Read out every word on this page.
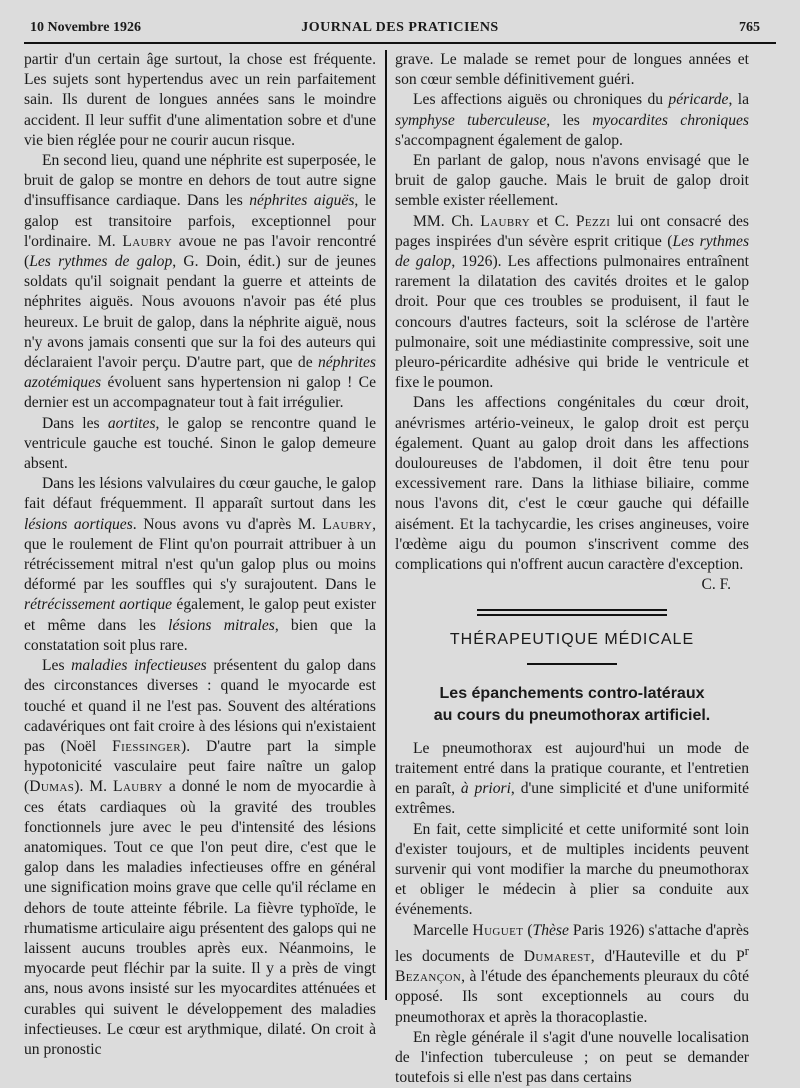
10 Novembre 1926	JOURNAL DES PRATICIENS	765

partir d'un certain âge surtout, la chose est fréquente. Les sujets sont hypertendus avec un rein parfaitement sain. Ils durent de longues années sans le moindre accident. Il leur suffit d'une alimentation sobre et d'une vie bien réglée pour ne courir aucun risque.

En second lieu, quand une néphrite est superposée, le bruit de galop se montre en dehors de tout autre signe d'insuffisance cardiaque. Dans les néphrites aiguës, le galop est transitoire parfois, exceptionnel pour l'ordinaire. M. Laubry avoue ne pas l'avoir rencontré (Les rythmes de galop, G. Doin, édit.) sur de jeunes soldats qu'il soignait pendant la guerre et atteints de néphrites aiguës. Nous avouons n'avoir pas été plus heureux. Le bruit de galop, dans la néphrite aiguë, nous n'y avons jamais consenti que sur la foi des auteurs qui déclaraient l'avoir perçu. D'autre part, que de néphrites azotémiques évoluent sans hypertension ni galop ! Ce dernier est un accompagnateur tout à fait irrégulier.

Dans les aortites, le galop se rencontre quand le ventricule gauche est touché. Sinon le galop demeure absent.

Dans les lésions valvulaires du cœur gauche, le galop fait défaut fréquemment. Il apparaît surtout dans les lésions aortiques. Nous avons vu d'après M. Laubry, que le roulement de Flint qu'on pourrait attribuer à un rétrécissement mitral n'est qu'un galop plus ou moins déformé par les souffles qui s'y surajoutent. Dans le rétrécissement aortique également, le galop peut exister et même dans les lésions mitrales, bien que la constatation soit plus rare.

Les maladies infectieuses présentent du galop dans des circonstances diverses : quand le myocarde est touché et quand il ne l'est pas. Souvent des altérations cadavériques ont fait croire à des lésions qui n'existaient pas (Noël Fiessinger). D'autre part la simple hypotonicité vasculaire peut faire naître un galop (Dumas). M. Laubry a donné le nom de myocardie à ces états cardiaques où la gravité des troubles fonctionnels jure avec le peu d'intensité des lésions anatomiques. Tout ce que l'on peut dire, c'est que le galop dans les maladies infectieuses offre en général une signification moins grave que celle qu'il réclame en dehors de toute atteinte fébrile. La fièvre typhoïde, le rhumatisme articulaire aigu présentent des galops qui ne laissent aucuns troubles après eux. Néanmoins, le myocarde peut fléchir par la suite. Il y a près de vingt ans, nous avons insisté sur les myocardites atténuées et curables qui suivent le développement des maladies infectieuses. Le cœur est arythmique, dilaté. On croit à un pronostic

grave. Le malade se remet pour de longues années et son cœur semble définitivement guéri.

Les affections aiguës ou chroniques du péricarde, la symphyse tuberculeuse, les myocardites chroniques s'accompagnent également de galop.

En parlant de galop, nous n'avons envisagé que le bruit de galop gauche. Mais le bruit de galop droit semble exister réellement.

MM. Ch. Laubry et C. Pezzi lui ont consacré des pages inspirées d'un sévère esprit critique (Les rythmes de galop, 1926). Les affections pulmonaires entraînent rarement la dilatation des cavités droites et le galop droit. Pour que ces troubles se produisent, il faut le concours d'autres facteurs, soit la sclérose de l'artère pulmonaire, soit une médiastinite compressive, soit une pleuro-péricardite adhésive qui bride le ventricule et fixe le poumon.

Dans les affections congénitales du cœur droit, anévrismes artério-veineux, le galop droit est perçu également. Quant au galop droit dans les affections douloureuses de l'abdomen, il doit être tenu pour excessivement rare. Dans la lithiase biliaire, comme nous l'avons dit, c'est le cœur gauche qui défaille aisément. Et la tachycardie, les crises angineuses, voire l'œdème aigu du poumon s'inscrivent comme des complications qui n'offrent aucun caractère d'exception.

C. F.

THÉRAPEUTIQUE MÉDICALE
Les épanchements contro-latéraux
au cours du pneumothorax artificiel.

Le pneumothorax est aujourd'hui un mode de traitement entré dans la pratique courante, et l'entretien en paraît, à priori, d'une simplicité et d'une uniformité extrêmes.

En fait, cette simplicité et cette uniformité sont loin d'exister toujours, et de multiples incidents peuvent survenir qui vont modifier la marche du pneumothorax et obliger le médecin à plier sa conduite aux événements.

Marcelle Huguet (Thèse Paris 1926) s'attache d'après les documents de Dumarest, d'Hauteville et du $P^r$ Bezançon, à l'étude des épanchements pleuraux du côté opposé. Ils sont exceptionnels au cours du pneumothorax et après la thoracoplastie.

En règle générale il s'agit d'une nouvelle localisation de l'infection tuberculeuse ; on peut se demander toutefois si elle n'est pas dans certains
